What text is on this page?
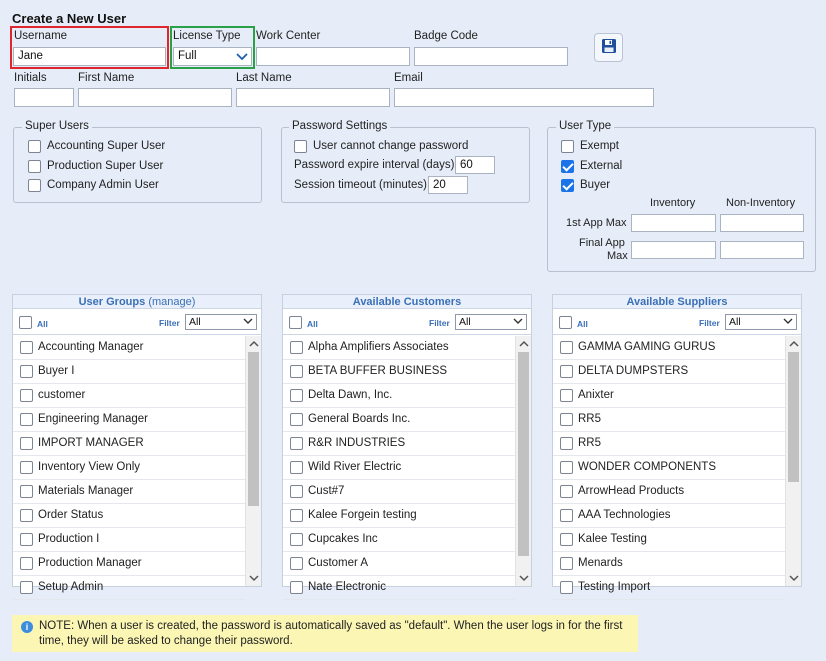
Create a New User
Username
Jane
License Type
Full
Work Center	Badge Code
Initials	First Name	Last Name	Email
Super Users
Accounting Super User
Production Super User
Company Admin User
Password Settings
User cannot change password
Password expire interval (days) 60
Session timeout (minutes) 20
User Type
Exempt
External
Buyer
Inventory	Non-Inventory
1st App Max
Final App
Max
User Groups (manage)
All	Filter All
Accounting Manager
Buyer I
customer
Engineering Manager
IMPORT MANAGER
Inventory View Only
Materials Manager
Order Status
Production I
Production Manager
Setup Admin
Available Customers
All	Filter All
Alpha Amplifiers Associates
BETA BUFFER BUSINESS
Delta Dawn, Inc.
General Boards Inc.
R&R INDUSTRIES
Wild River Electric
Cust#7
Kalee Forgein testing
Cupcakes Inc
Customer A
Nate Electronic
Available Suppliers
All	Filter All
GAMMA GAMING GURUS
DELTA DUMPSTERS
Anixter
RR5
RR5
WONDER COMPONENTS
ArrowHead Products
AAA Technologies
Kalee Testing
Menards
Testing Import
i NOTE: When a user is created, the password is automatically saved as "default". When the user logs in for the first time, they will be asked to change their password.
